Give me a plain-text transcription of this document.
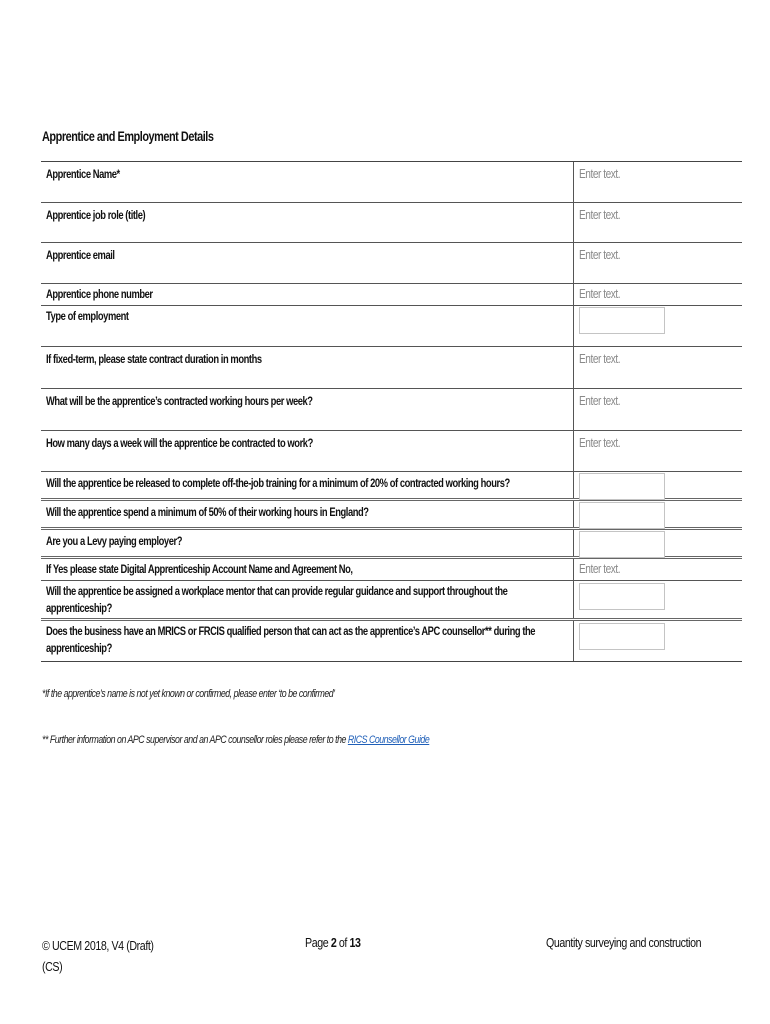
Apprentice and Employment Details
Apprentice Name*	Enter text.
Apprentice job role (title)	Enter text.
Apprentice email	Enter text.
Apprentice phone number	Enter text.
Type of employment
If fixed-term, please state contract duration in months	Enter text.
What will be the apprentice’s contracted working hours per week?	Enter text.
How many days a week will the apprentice be contracted to work?	Enter text.
Will the apprentice be released to complete off-the-job training for a minimum of 20% of contracted working hours?
Will the apprentice spend a minimum of 50% of their working hours in England?
Are you a Levy paying employer?
If Yes please state Digital Apprenticeship Account Name and Agreement No,	Enter text.
Will the apprentice be assigned a workplace mentor that can provide regular guidance and support throughout the apprenticeship?
Does the business have an MRICS or FRCIS qualified person that can act as the apprentice’s APC counsellor** during the apprenticeship?
*If the apprentice’s name is not yet known or confirmed, please enter ‘to be confirmed’
** Further information on APC supervisor and an APC counsellor roles please refer to the RICS Counsellor Guide
© UCEM 2018, V4 (Draft)
(CS)
Page 2 of 13	Quantity surveying and construction
